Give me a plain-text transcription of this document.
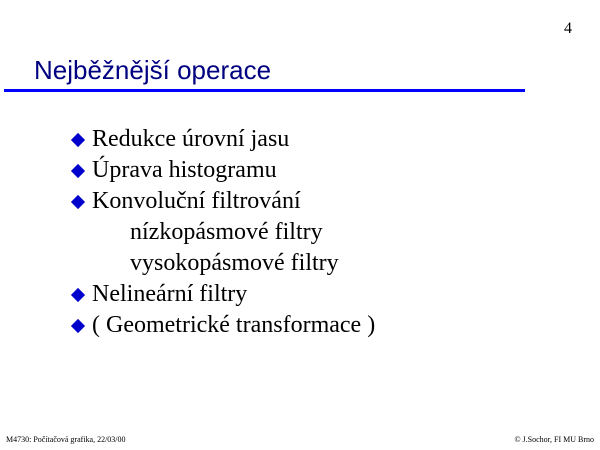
4
Nejběžnější operace
Redukce úrovní jasu
Úprava histogramu
Konvoluční filtrování
nízkopásmové filtry
vysokopásmové filtry
Nelineární filtry
( Geometrické transformace )
M4730: Počítačová grafika, 22/03/00	© J.Sochor, FI MU Brno
